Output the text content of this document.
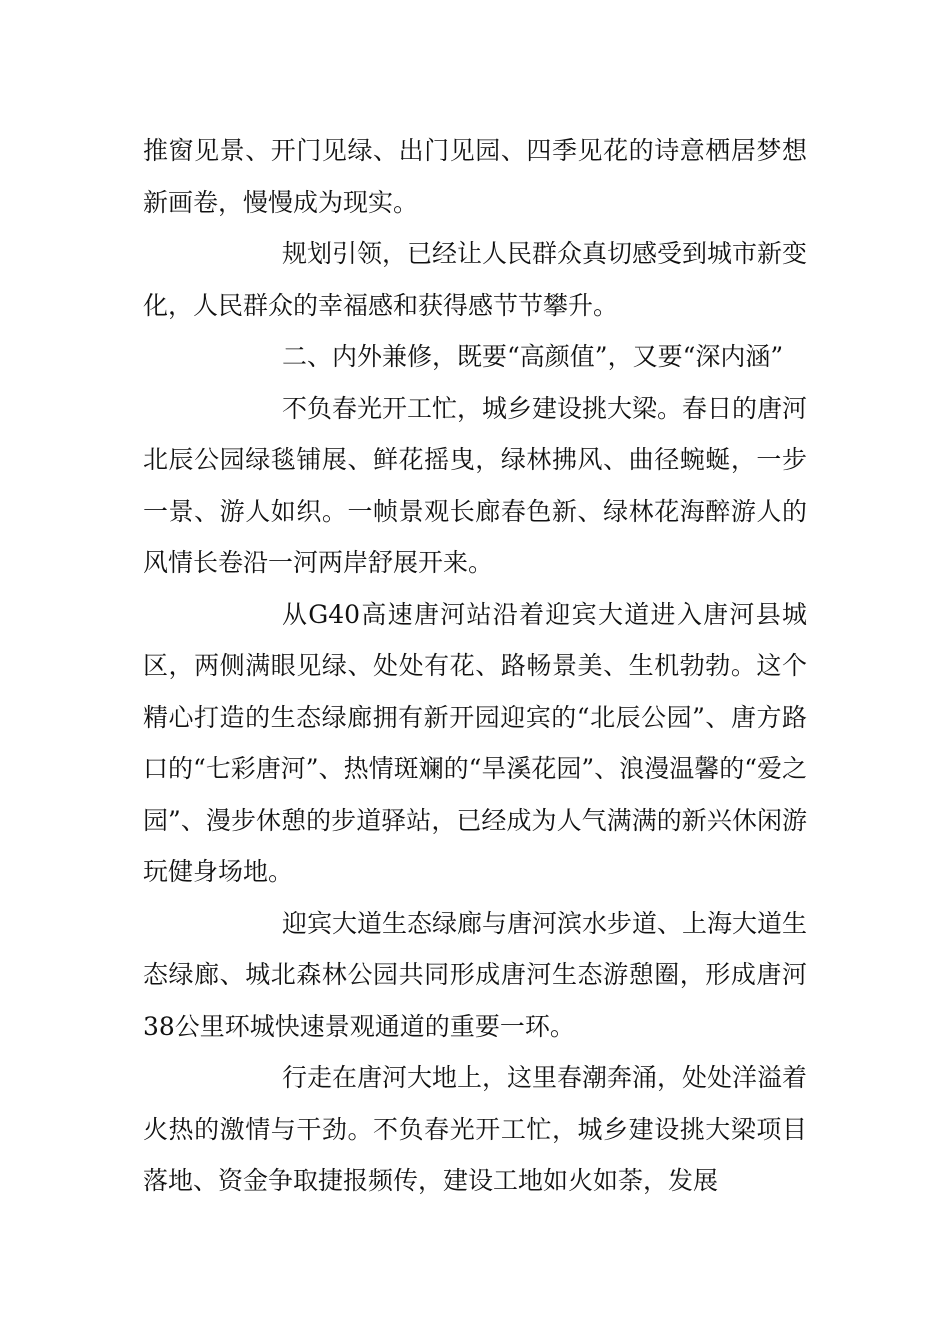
推窗见景、开门见绿、出门见园、四季见花的诗意栖居梦想新画卷，慢慢成为现实。

规划引领，已经让人民群众真切感受到城市新变化，人民群众的幸福感和获得感节节攀升。

二、内外兼修，既要“高颜值”，又要“深内涵”

不负春光开工忙，城乡建设挑大梁。春日的唐河北辰公园绿毯铺展、鲜花摇曳，绿林拂风、曲径蜿蜒，一步一景、游人如织。一帧景观长廊春色新、绿林花海醉游人的风情长卷沿一河两岸舒展开来。

从G40高速唐河站沿着迎宾大道进入唐河县城区，两侧满眼见绿、处处有花、路畅景美、生机勃勃。这个精心打造的生态绿廊拥有新开园迎宾的“北辰公园”、唐方路口的“七彩唐河”、热情斑斓的“旱溪花园”、浪漫温馨的“爱之园”、漫步休憩的步道驿站，已经成为人气满满的新兴休闲游玩健身场地。

迎宾大道生态绿廊与唐河滨水步道、上海大道生态绿廊、城北森林公园共同形成唐河生态游憩圈，形成唐河38公里环城快速景观通道的重要一环。

行走在唐河大地上，这里春潮奔涌，处处洋溢着火热的激情与干劲。不负春光开工忙，城乡建设挑大梁项目落地、资金争取捷报频传，建设工地如火如荼，发展
